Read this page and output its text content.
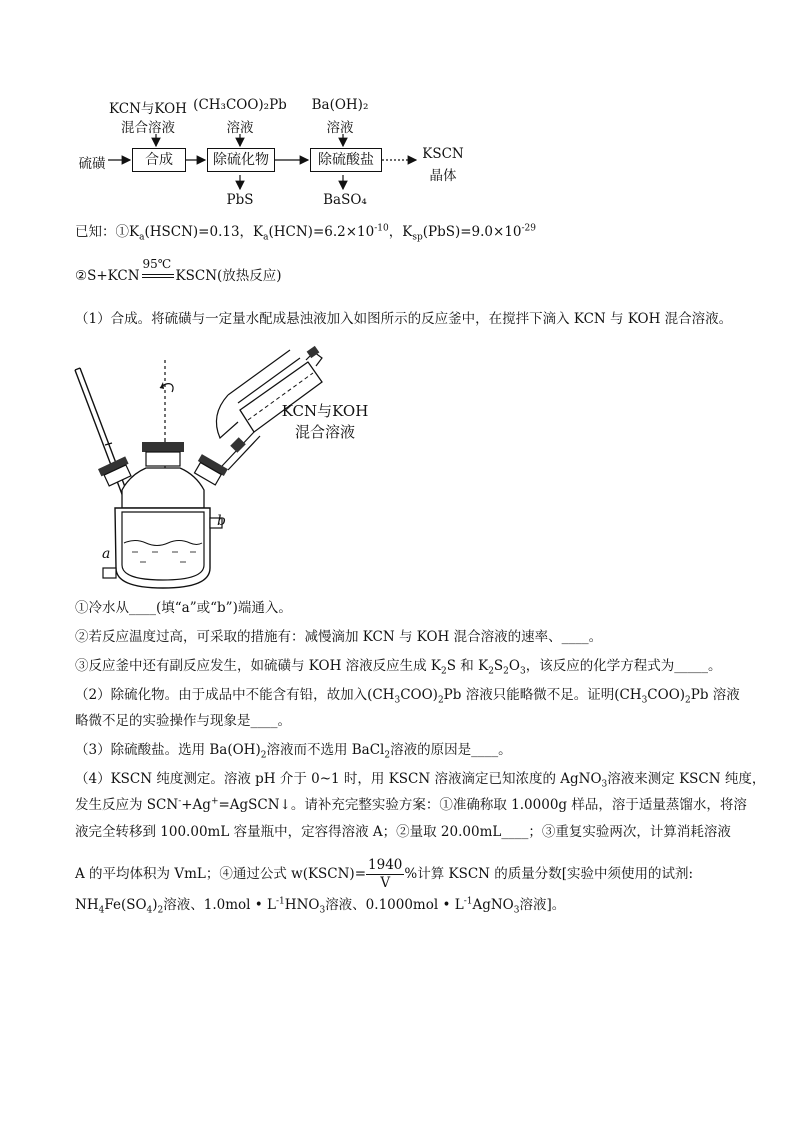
KCN与KOH
混合溶液
(CH₃COO)₂Pb
溶液
Ba(OH)₂
溶液
硫磺	合成	除硫化物	除硫酸盐	KSCN
晶体
PbS	BaSO₄
已知：$①K_a(HSCN)=0.13$，$K_a(HCN)=6.2\times 10^{-10}$，$K_{sp}(PbS)=9.0\times 10^{-29}$
②S+KCN
95℃
KSCN(放热反应)
（1）合成。将硫磺与一定量水配成悬浊液加入如图所示的反应釜中，在搅拌下滴入 KCN 与 KOH 混合溶液。
KCN与KOH
混合溶液
b
a
①冷水从____(填“a”或“b”)端通入。
②若反应温度过高，可采取的措施有：减慢滴加 KCN 与 KOH 混合溶液的速率、____。
③反应釜中还有副反应发生，如硫磺与 KOH 溶液反应生成 $K_2S$ 和 $K_2S_2O_3$，该反应的化学方程式为_____。
（2）除硫化物。由于成品中不能含有铅，故加入$(CH_3COO)_2Pb$ 溶液只能略微不足。证明$(CH_3COO)_2Pb$ 溶液
略微不足的实验操作与现象是____。
（3）除硫酸盐。选用 $Ba(OH)_2$溶液而不选用 BaCl$_2$溶液的原因是____。
（4）KSCN 纯度测定。溶液 pH 介于 0~1 时，用 KSCN 溶液滴定已知浓度的 AgNO$_3$溶液来测定 KSCN 纯度，
发生反应为 SCN-+Ag+=AgSCN↓。请补充完整实验方案：①准确称取 1.0000g 样品，溶于适量蒸馏水，将溶
液完全转移到 100.00mL 容量瓶中，定容得溶液 A；②量取 20.00mL____；③重复实验两次，计算消耗溶液
A 的平均体积为 VmL；④通过公式 w(KSCN)= $\frac{1940}{V}$ %计算 KSCN 的质量分数[实验中须使用的试剂:
$NH_4Fe(SO_4)_2$溶液、1.0mol • $L^{-1}HNO_3$溶液、0.1000mol • $L^{-1}AgNO_3$溶液]。
